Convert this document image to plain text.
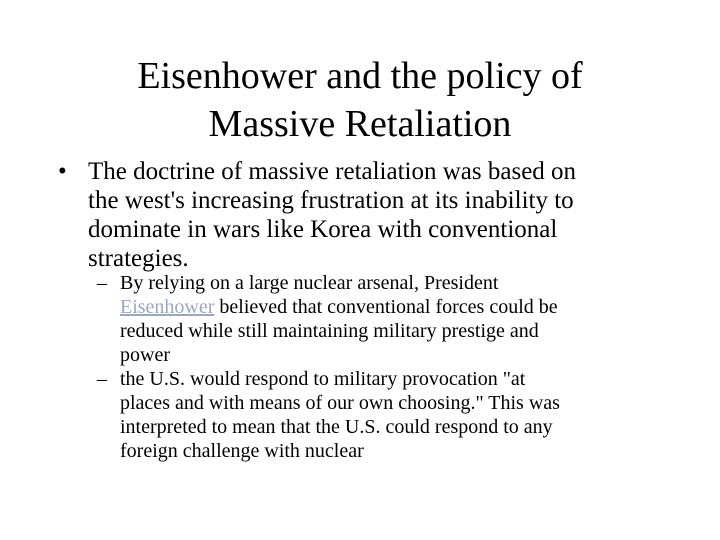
Eisenhower and the policy of
Massive Retaliation
• The doctrine of massive retaliation was based on
the west's increasing frustration at its inability to
dominate in wars like Korea with conventional
strategies.
– By relying on a large nuclear arsenal, President
Eisenhower believed that conventional forces could be
reduced while still maintaining military prestige and
power
– the U.S. would respond to military provocation "at
places and with means of our own choosing." This was
interpreted to mean that the U.S. could respond to any
foreign challenge with nuclear
